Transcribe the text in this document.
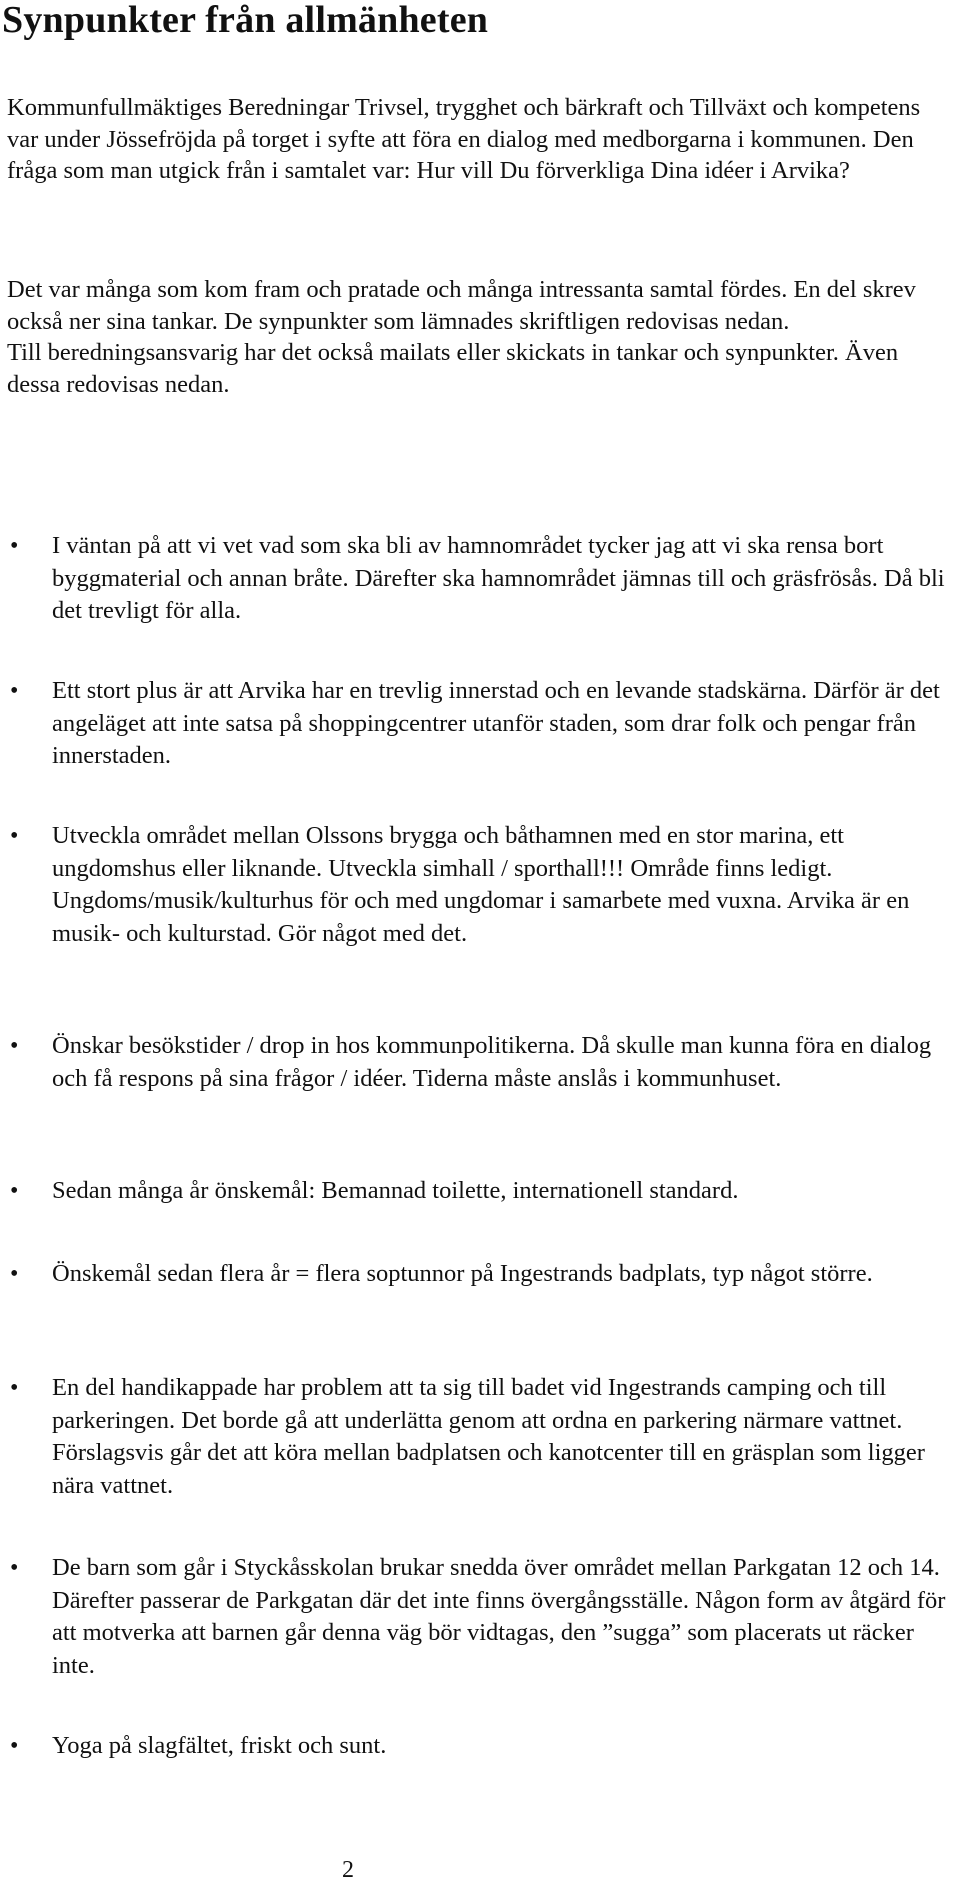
Synpunkter från allmänheten

Kommunfullmäktiges Beredningar Trivsel, trygghet och bärkraft och Tillväxt och kompetens var under Jössefröjda på torget i syfte att föra en dialog med medborgarna i kommunen. Den fråga som man utgick från i samtalet var: Hur vill Du förverkliga Dina idéer i Arvika?

Det var många som kom fram och pratade och många intressanta samtal fördes. En del skrev också ner sina tankar. De synpunkter som lämnades skriftligen redovisas nedan.

Till beredningsansvarig har det också mailats eller skickats in tankar och synpunkter. Även dessa redovisas nedan.

• I väntan på att vi vet vad som ska bli av hamnområdet tycker jag att vi ska rensa bort byggmaterial och annan bråte. Därefter ska hamnområdet jämnas till och gräsfrösås. Då bli det trevligt för alla.
• Ett stort plus är att Arvika har en trevlig innerstad och en levande stadskärna. Därför är det angeläget att inte satsa på shoppingcentrer utanför staden, som drar folk och pengar från innerstaden.
• Utveckla området mellan Olssons brygga och båthamnen med en stor marina, ett ungdomshus eller liknande. Utveckla simhall / sporthall!!! Område finns ledigt. Ungdoms/musik/kulturhus för och med ungdomar i samarbete med vuxna. Arvika är en musik- och kulturstad. Gör något med det.
• Önskar besökstider / drop in hos kommunpolitikerna. Då skulle man kunna föra en dialog och få respons på sina frågor / idéer. Tiderna måste anslås i kommunhuset.
• Sedan många år önskemål: Bemannad toilette, internationell standard.
• Önskemål sedan flera år = flera soptunnor på Ingestrands badplats, typ något större.
• En del handikappade har problem att ta sig till badet vid Ingestrands camping och till parkeringen. Det borde gå att underlätta genom att ordna en parkering närmare vattnet. Förslagsvis går det att köra mellan badplatsen och kanotcenter till en gräsplan som ligger nära vattnet.
• De barn som går i Styckåsskolan brukar snedda över området mellan Parkgatan 12 och 14. Därefter passerar de Parkgatan där det inte finns övergångsställe. Någon form av åtgärd för att motverka att barnen går denna väg bör vidtagas, den ”sugga” som placerats ut räcker inte.
• Yoga på slagfältet, friskt och sunt.
2
